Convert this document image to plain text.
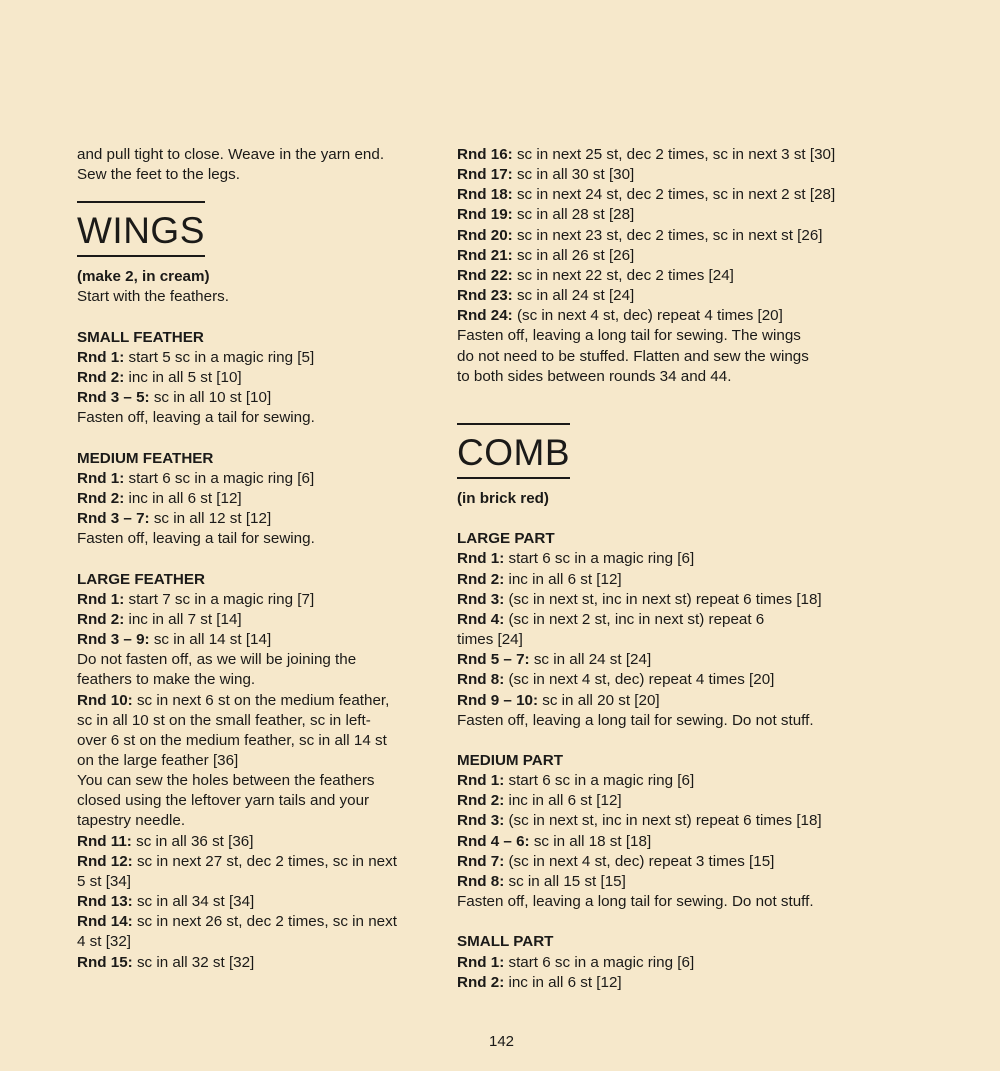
and pull tight to close. Weave in the yarn end.
Sew the feet to the legs.
WINGS
(make 2, in cream)
Start with the feathers.
SMALL FEATHER
Rnd 1: start 5 sc in a magic ring [5]
Rnd 2: inc in all 5 st [10]
Rnd 3 – 5: sc in all 10 st [10]
Fasten off, leaving a tail for sewing.
MEDIUM FEATHER
Rnd 1: start 6 sc in a magic ring [6]
Rnd 2: inc in all 6 st [12]
Rnd 3 – 7: sc in all 12 st [12]
Fasten off, leaving a tail for sewing.
LARGE FEATHER
Rnd 1: start 7 sc in a magic ring [7]
Rnd 2: inc in all 7 st [14]
Rnd 3 – 9: sc in all 14 st [14]
Do not fasten off, as we will be joining the
feathers to make the wing.
Rnd 10: sc in next 6 st on the medium feather,
sc in all 10 st on the small feather, sc in left-
over 6 st on the medium feather, sc in all 14 st
on the large feather [36]
You can sew the holes between the feathers
closed using the leftover yarn tails and your
tapestry needle.
Rnd 11: sc in all 36 st [36]
Rnd 12: sc in next 27 st, dec 2 times, sc in next
5 st [34]
Rnd 13: sc in all 34 st [34]
Rnd 14: sc in next 26 st, dec 2 times, sc in next
4 st [32]
Rnd 15: sc in all 32 st [32]
Rnd 16: sc in next 25 st, dec 2 times, sc in next 3 st [30]
Rnd 17: sc in all 30 st [30]
Rnd 18: sc in next 24 st, dec 2 times, sc in next 2 st [28]
Rnd 19: sc in all 28 st [28]
Rnd 20: sc in next 23 st, dec 2 times, sc in next st [26]
Rnd 21: sc in all 26 st [26]
Rnd 22: sc in next 22 st, dec 2 times [24]
Rnd 23: sc in all 24 st [24]
Rnd 24: (sc in next 4 st, dec) repeat 4 times [20]
Fasten off, leaving a long tail for sewing. The wings
do not need to be stuffed. Flatten and sew the wings
to both sides between rounds 34 and 44.
COMB
(in brick red)
LARGE PART
Rnd 1: start 6 sc in a magic ring [6]
Rnd 2: inc in all 6 st [12]
Rnd 3: (sc in next st, inc in next st) repeat 6 times [18]
Rnd 4: (sc in next 2 st, inc in next st) repeat 6
times [24]
Rnd 5 – 7: sc in all 24 st [24]
Rnd 8: (sc in next 4 st, dec) repeat 4 times [20]
Rnd 9 – 10: sc in all 20 st [20]
Fasten off, leaving a long tail for sewing. Do not stuff.
MEDIUM PART
Rnd 1: start 6 sc in a magic ring [6]
Rnd 2: inc in all 6 st [12]
Rnd 3: (sc in next st, inc in next st) repeat 6 times [18]
Rnd 4 – 6: sc in all 18 st [18]
Rnd 7: (sc in next 4 st, dec) repeat 3 times [15]
Rnd 8: sc in all 15 st [15]
Fasten off, leaving a long tail for sewing. Do not stuff.
SMALL PART
Rnd 1: start 6 sc in a magic ring [6]
Rnd 2: inc in all 6 st [12]
142
